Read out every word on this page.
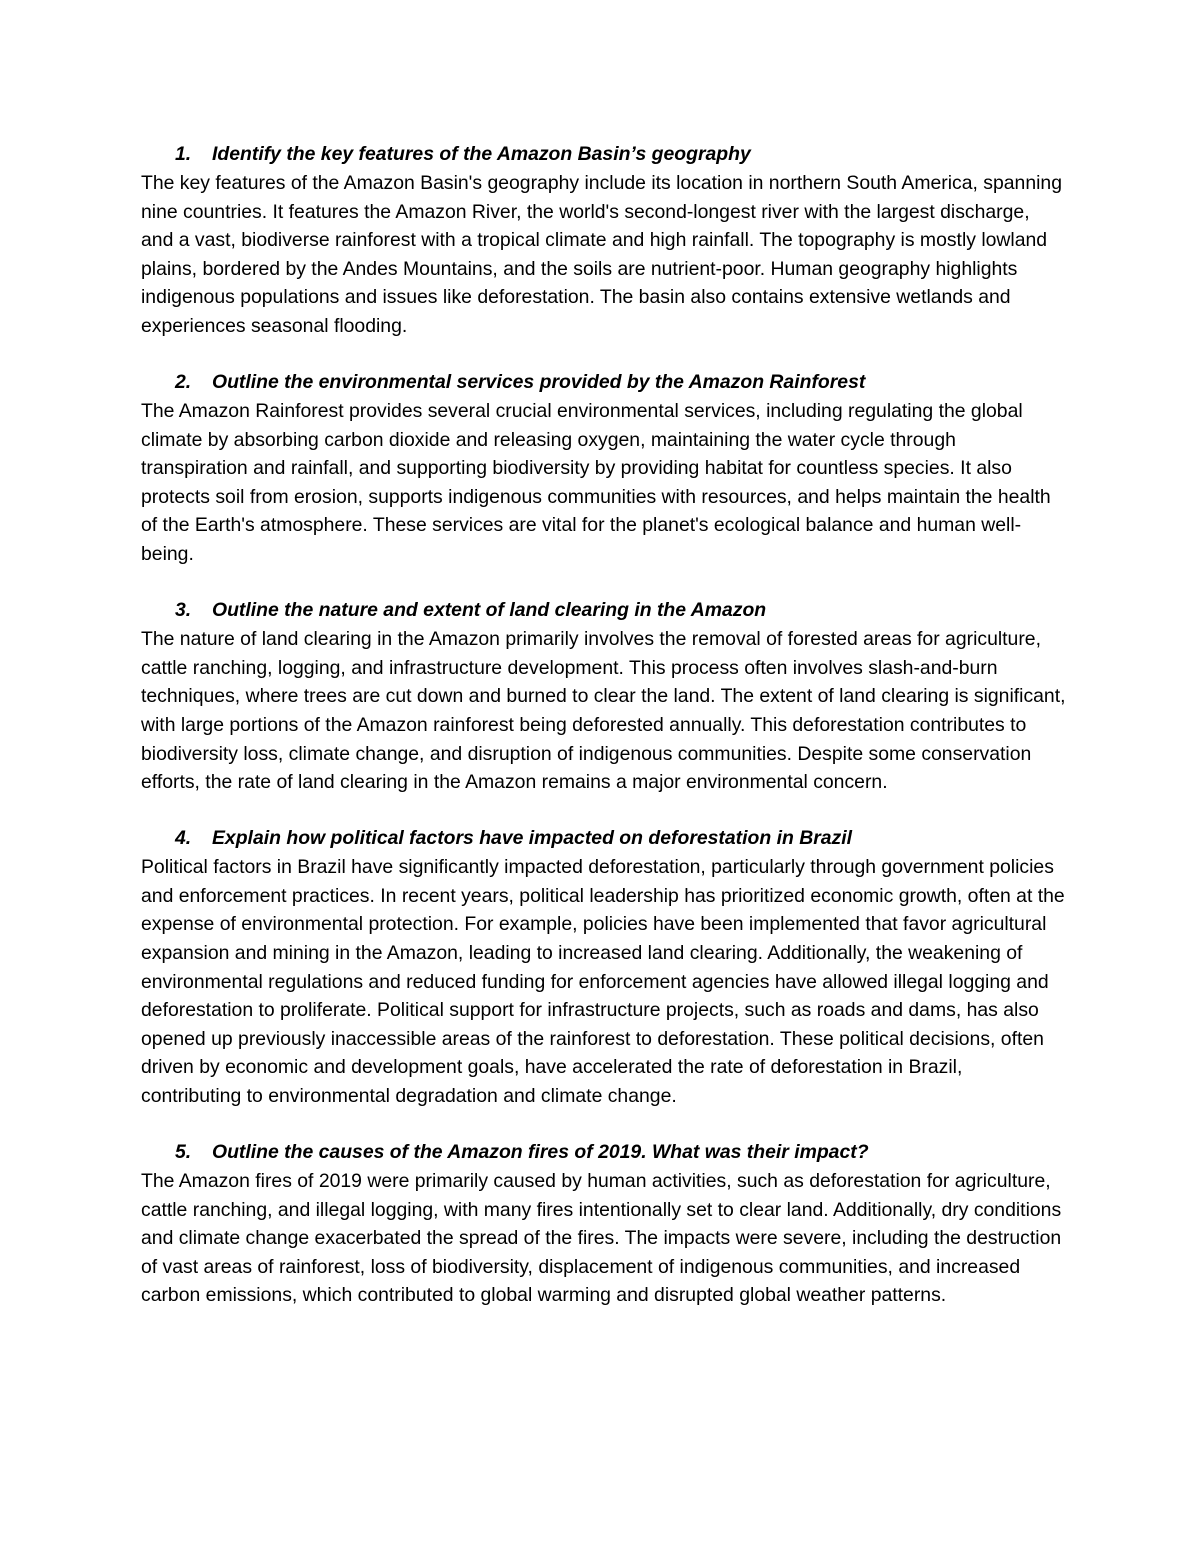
1.	Identify the key features of the Amazon Basin’s geography

The key features of the Amazon Basin's geography include its location in northern South America, spanning nine countries. It features the Amazon River, the world's second-longest river with the largest discharge, and a vast, biodiverse rainforest with a tropical climate and high rainfall. The topography is mostly lowland plains, bordered by the Andes Mountains, and the soils are nutrient-poor. Human geography highlights indigenous populations and issues like deforestation. The basin also contains extensive wetlands and experiences seasonal flooding.

2.	Outline the environmental services provided by the Amazon Rainforest

The Amazon Rainforest provides several crucial environmental services, including regulating the global climate by absorbing carbon dioxide and releasing oxygen, maintaining the water cycle through transpiration and rainfall, and supporting biodiversity by providing habitat for countless species. It also protects soil from erosion, supports indigenous communities with resources, and helps maintain the health of the Earth's atmosphere. These services are vital for the planet's ecological balance and human well-being.

3.	Outline the nature and extent of land clearing in the Amazon

The nature of land clearing in the Amazon primarily involves the removal of forested areas for agriculture, cattle ranching, logging, and infrastructure development. This process often involves slash-and-burn techniques, where trees are cut down and burned to clear the land. The extent of land clearing is significant, with large portions of the Amazon rainforest being deforested annually. This deforestation contributes to biodiversity loss, climate change, and disruption of indigenous communities. Despite some conservation efforts, the rate of land clearing in the Amazon remains a major environmental concern.

4.	Explain how political factors have impacted on deforestation in Brazil

Political factors in Brazil have significantly impacted deforestation, particularly through government policies and enforcement practices. In recent years, political leadership has prioritized economic growth, often at the expense of environmental protection. For example, policies have been implemented that favor agricultural expansion and mining in the Amazon, leading to increased land clearing. Additionally, the weakening of environmental regulations and reduced funding for enforcement agencies have allowed illegal logging and deforestation to proliferate. Political support for infrastructure projects, such as roads and dams, has also opened up previously inaccessible areas of the rainforest to deforestation. These political decisions, often driven by economic and development goals, have accelerated the rate of deforestation in Brazil, contributing to environmental degradation and climate change.

5.	Outline the causes of the Amazon fires of 2019. What was their impact?

The Amazon fires of 2019 were primarily caused by human activities, such as deforestation for agriculture, cattle ranching, and illegal logging, with many fires intentionally set to clear land. Additionally, dry conditions and climate change exacerbated the spread of the fires. The impacts were severe, including the destruction of vast areas of rainforest, loss of biodiversity, displacement of indigenous communities, and increased carbon emissions, which contributed to global warming and disrupted global weather patterns.
